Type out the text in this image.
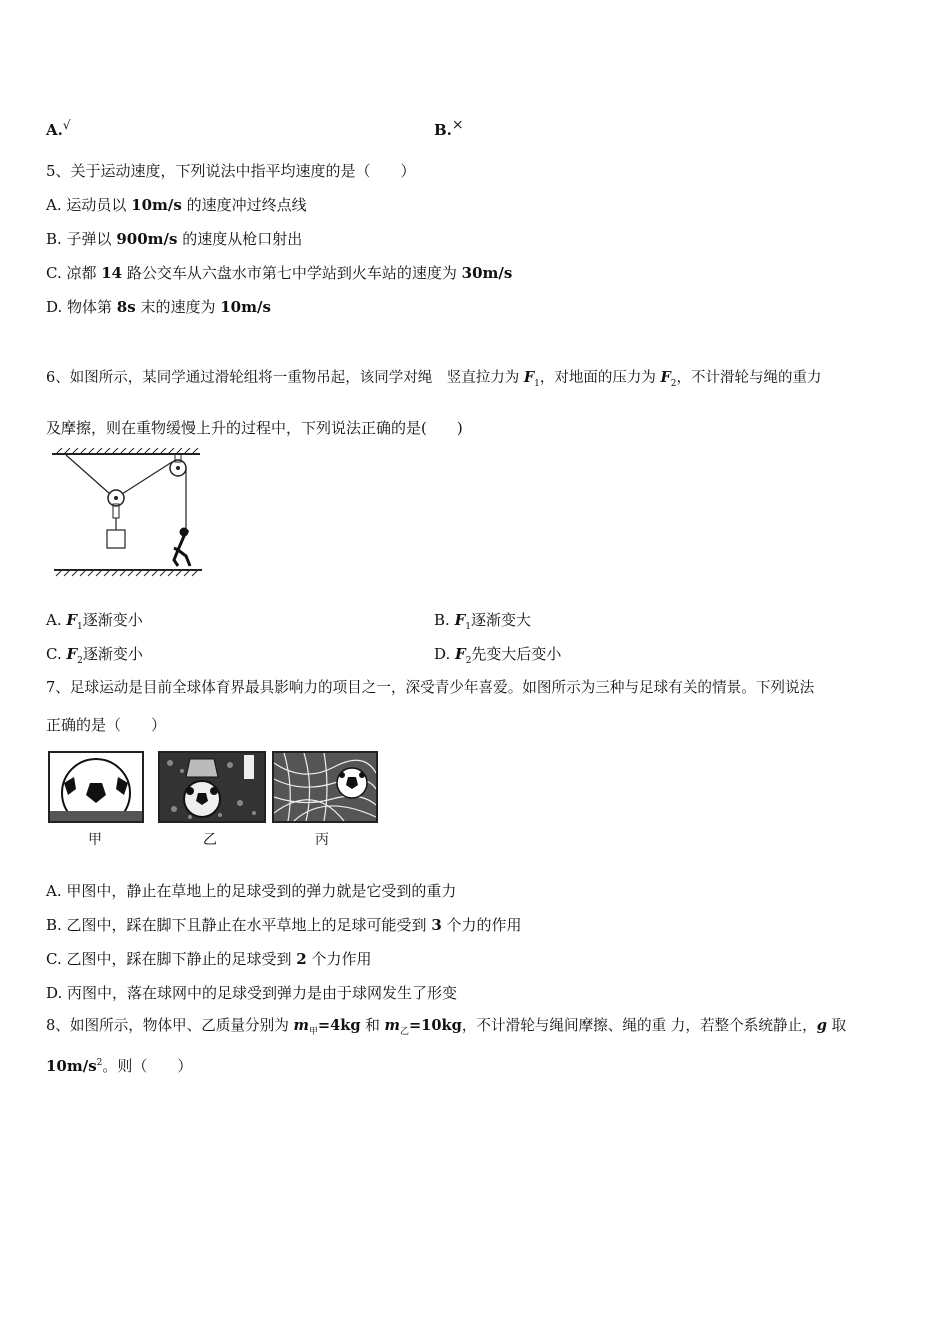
A.√	B.×
5、关于运动速度，下列说法中指平均速度的是（　　）
A. 运动员以 10m/s 的速度冲过终点线
B. 子弹以 900m/s 的速度从枪口射出
C. 凉都 14 路公交车从六盘水市第七中学站到火车站的速度为 30m/s
D. 物体第 8s 末的速度为 10m/s
6、如图所示，某同学通过滑轮组将一重物吊起，该同学对绳　竖直拉力为 $F_1$，对地面的压力为 $F_2$，不计滑轮与绳的重力
及摩擦，则在重物缓慢上升的过程中，下列说法正确的是(　　)
A. $F_1$逐渐变小	B. $F_1$逐渐变大
C. $F_2$逐渐变小	D. $F_2$先变大后变小
7、足球运动是目前全球体育界最具影响力的项目之一，深受青少年喜爱。如图所示为三种与足球有关的情景。下列说法
正确的是（　　）
甲	乙	丙
A. 甲图中，静止在草地上的足球受到的弹力就是它受到的重力
B. 乙图中，踩在脚下且静止在水平草地上的足球可能受到 3 个力的作用
C. 乙图中，踩在脚下静止的足球受到 2 个力作用
D. 丙图中，落在球网中的足球受到弹力是由于球网发生了形变
8、如图所示，物体甲、乙质量分别为 $m_甲=4kg$ 和 $m_乙=10kg$，不计滑轮与绳间摩擦、绳的重 力，若整个系统静止，g 取
$10m/s^2$。则（　　）
